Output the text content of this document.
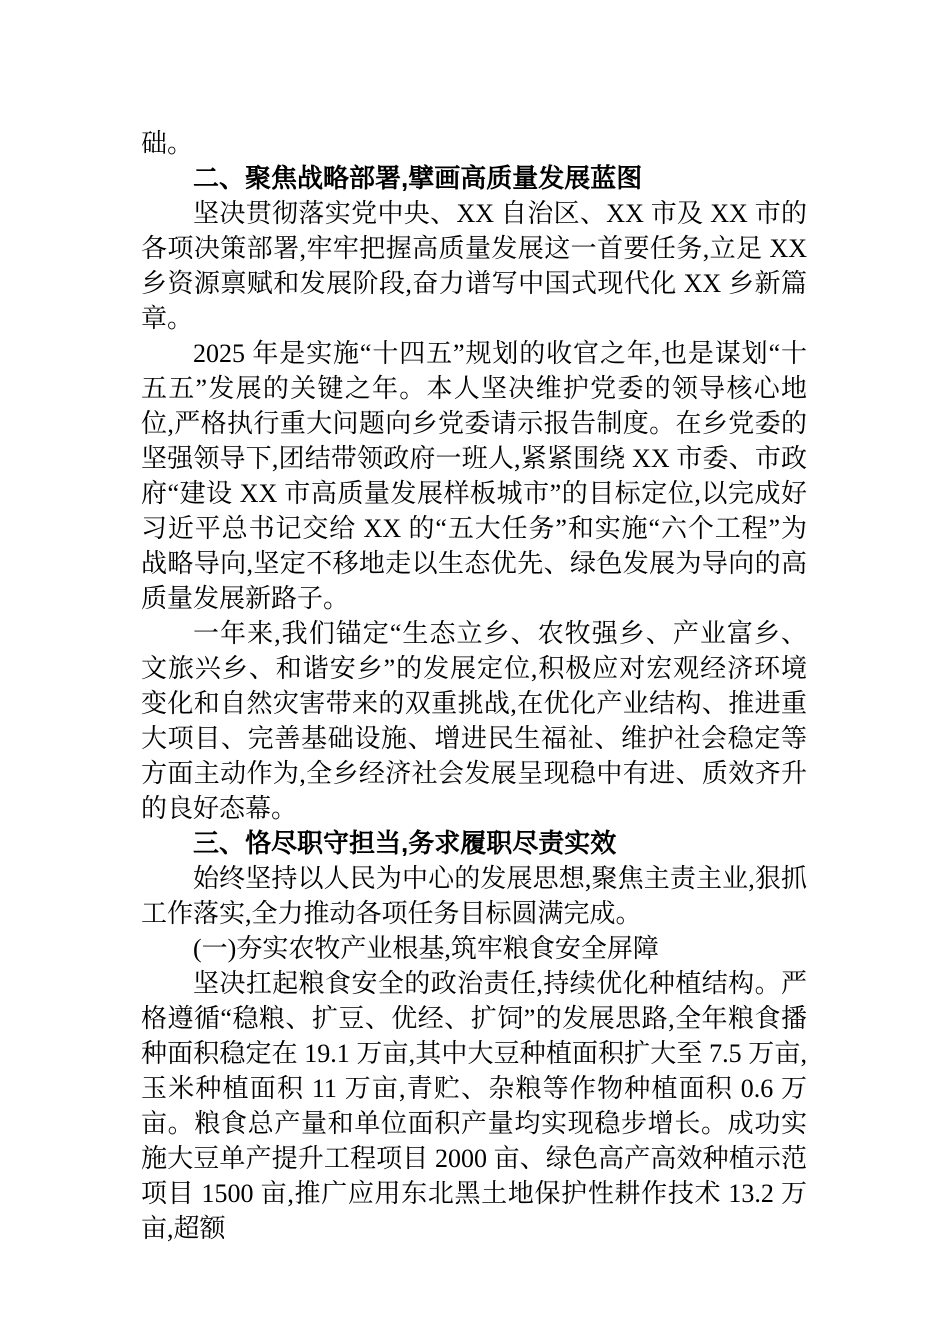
础。

二、聚焦战略部署,擘画高质量发展蓝图

坚决贯彻落实党中央、XX 自治区、XX 市及 XX 市的各项决策部署,牢牢把握高质量发展这一首要任务,立足 XX 乡资源禀赋和发展阶段,奋力谱写中国式现代化 XX 乡新篇章。

2025 年是实施“十四五”规划的收官之年,也是谋划“十五五”发展的关键之年。本人坚决维护党委的领导核心地位,严格执行重大问题向乡党委请示报告制度。在乡党委的坚强领导下,团结带领政府一班人,紧紧围绕 XX 市委、市政府“建设 XX 市高质量发展样板城市”的目标定位,以完成好习近平总书记交给 XX 的“五大任务”和实施“六个工程”为战略导向,坚定不移地走以生态优先、绿色发展为导向的高质量发展新路子。

一年来,我们锚定“生态立乡、农牧强乡、产业富乡、文旅兴乡、和谐安乡”的发展定位,积极应对宏观经济环境变化和自然灾害带来的双重挑战,在优化产业结构、推进重大项目、完善基础设施、增进民生福祉、维护社会稳定等方面主动作为,全乡经济社会发展呈现稳中有进、质效齐升的良好态幕。

三、恪尽职守担当,务求履职尽责实效

始终坚持以人民为中心的发展思想,聚焦主责主业,狠抓工作落实,全力推动各项任务目标圆满完成。

(一)夯实农牧产业根基,筑牢粮食安全屏障

坚决扛起粮食安全的政治责任,持续优化种植结构。严格遵循“稳粮、扩豆、优经、扩饲”的发展思路,全年粮食播种面积稳定在 19.1 万亩,其中大豆种植面积扩大至 7.5 万亩,玉米种植面积 11 万亩,青贮、杂粮等作物种植面积 0.6 万亩。粮食总产量和单位面积产量均实现稳步增长。成功实施大豆单产提升工程项目 2000 亩、绿色高产高效种植示范项目 1500 亩,推广应用东北黑土地保护性耕作技术 13.2 万亩,超额
